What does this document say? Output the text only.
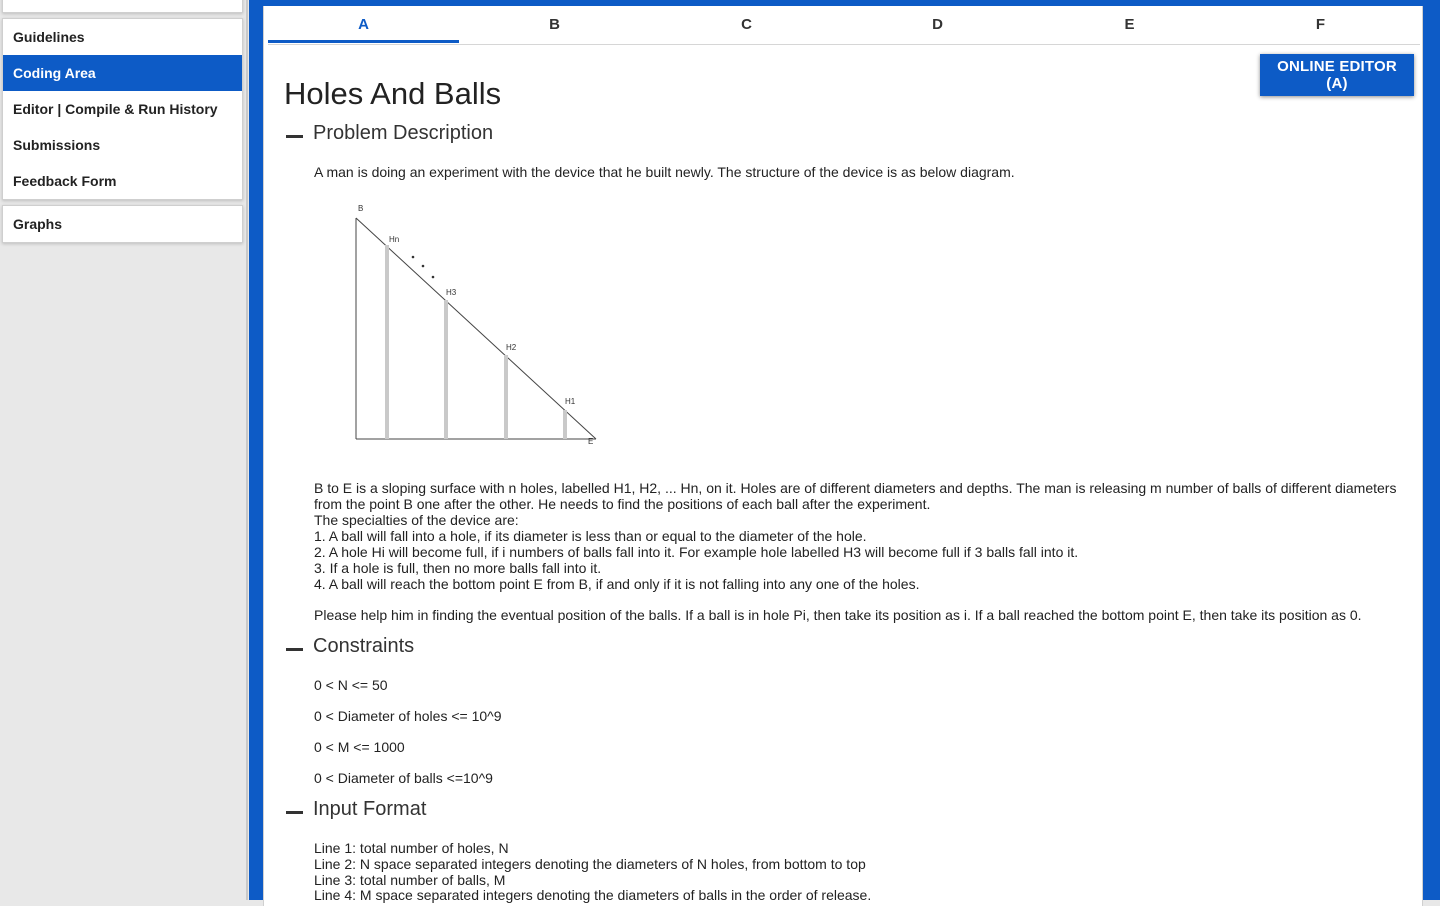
Guidelines
Coding Area
Editor | Compile & Run History
Submissions
Feedback Form
Graphs
A	B	C	D	E	F
ONLINE EDITOR (A)
Holes And Balls
Problem Description

A man is doing an experiment with the device that he built newly. The structure of the device is as below diagram.

B
Hn
H3
H2
H1
E

B to E is a sloping surface with n holes, labelled H1, H2, ... Hn, on it. Holes are of different diameters and depths. The man is releasing m number of balls of different diameters from the point B one after the other. He needs to find the positions of each ball after the experiment.

The specialties of the device are:

1. A ball will fall into a hole, if its diameter is less than or equal to the diameter of the hole.

2. A hole Hi will become full, if i numbers of balls fall into it. For example hole labelled H3 will become full if 3 balls fall into it.

3. If a hole is full, then no more balls fall into it.

4. A ball will reach the bottom point E from B, if and only if it is not falling into any one of the holes.

Please help him in finding the eventual position of the balls. If a ball is in hole Pi, then take its position as i. If a ball reached the bottom point E, then take its position as 0.

Constraints

0 < N <= 50

0 < Diameter of holes <= 10^9

0 < M <= 1000

0 < Diameter of balls <=10^9

Input Format

Line 1: total number of holes, N

Line 2: N space separated integers denoting the diameters of N holes, from bottom to top

Line 3: total number of balls, M

Line 4: M space separated integers denoting the diameters of balls in the order of release.
